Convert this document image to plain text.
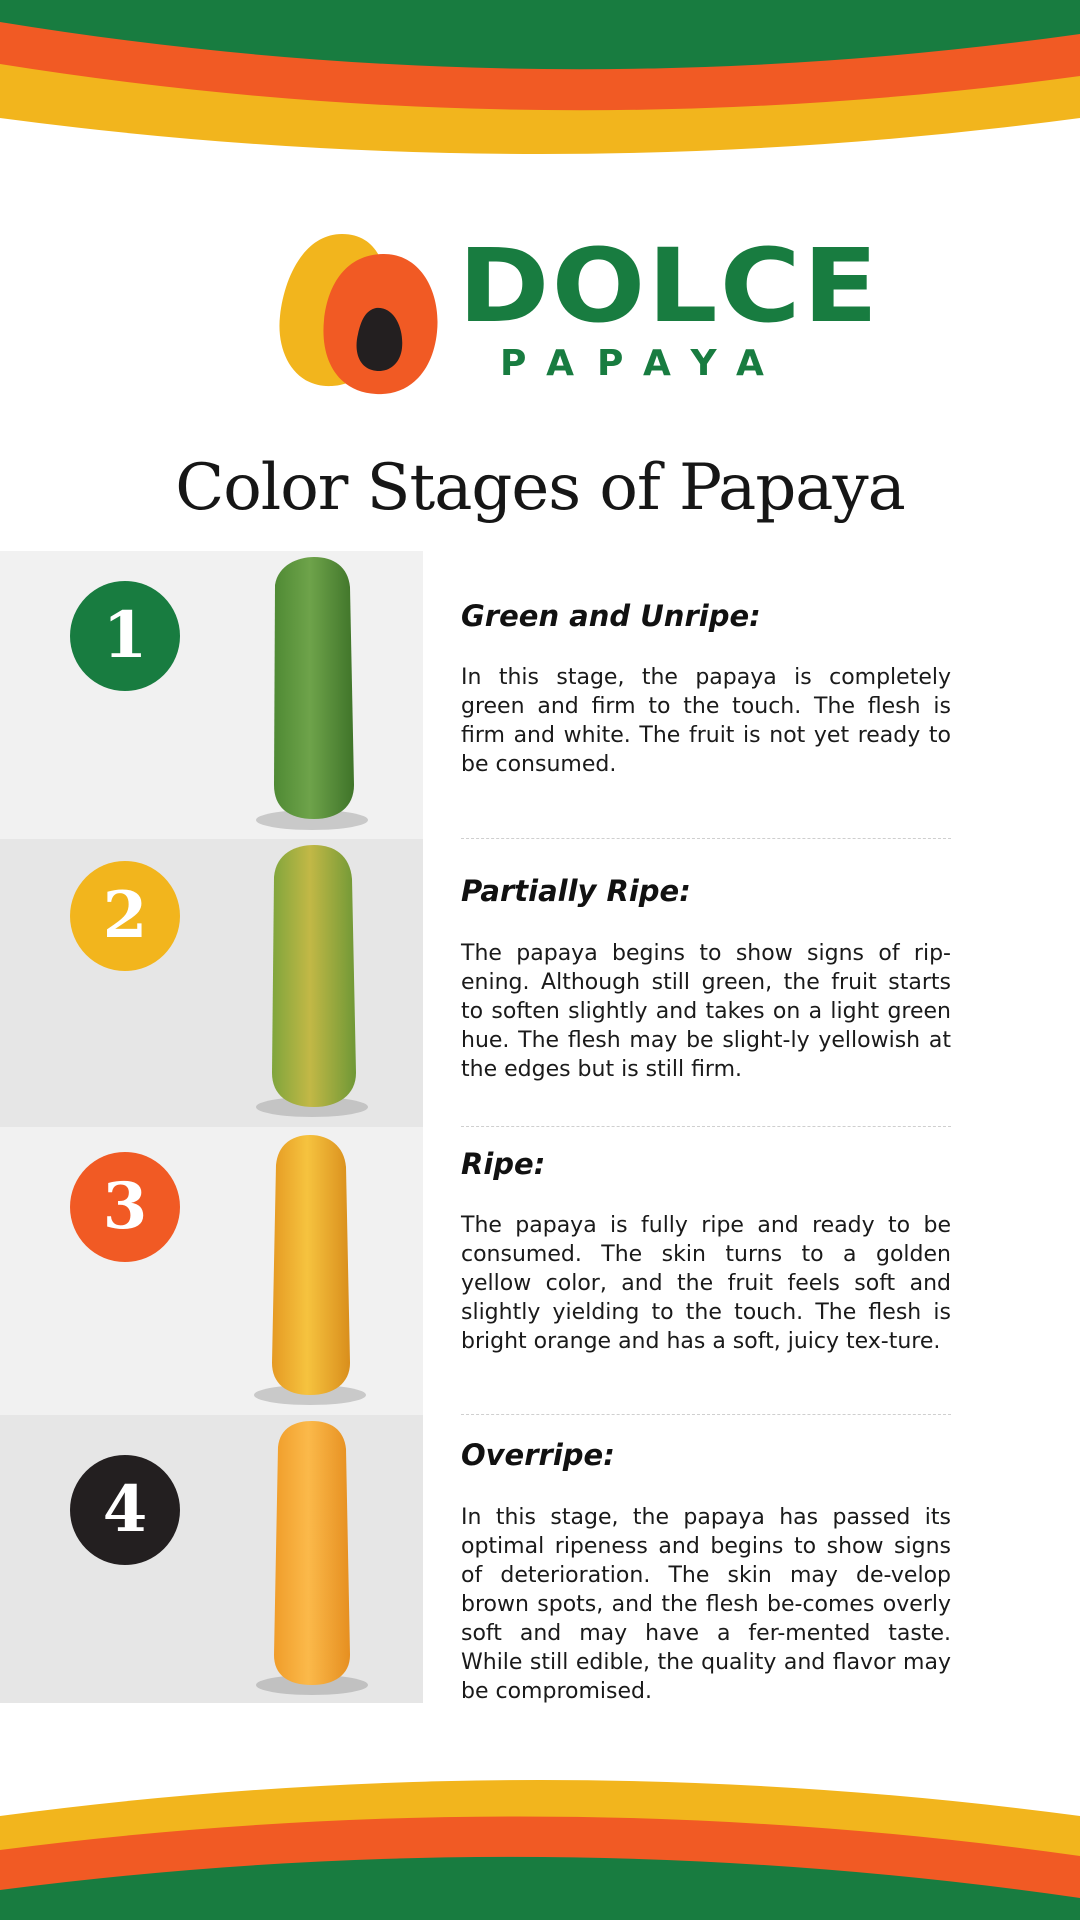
DOLCE
PAPAYA
Color Stages of Papaya
1	Green and Unripe:
In this stage, the papaya is completely green and firm to the touch. The flesh is firm and white. The fruit is not yet ready to be consumed.
2	Partially Ripe:
The papaya begins to show signs of rip-ening. Although still green, the fruit starts to soften slightly and takes on a light green hue. The flesh may be slight-ly yellowish at the edges but is still firm.
3
Ripe:
The papaya is fully ripe and ready to be consumed. The skin turns to a golden yellow color, and the fruit feels soft and slightly yielding to the touch. The flesh is bright orange and has a soft, juicy tex-ture.
4
Overripe:
In this stage, the papaya has passed its optimal ripeness and begins to show signs of deterioration. The skin may de-velop brown spots, and the flesh be-comes overly soft and may have a fer-mented taste. While still edible, the quality and flavor may be compromised.
